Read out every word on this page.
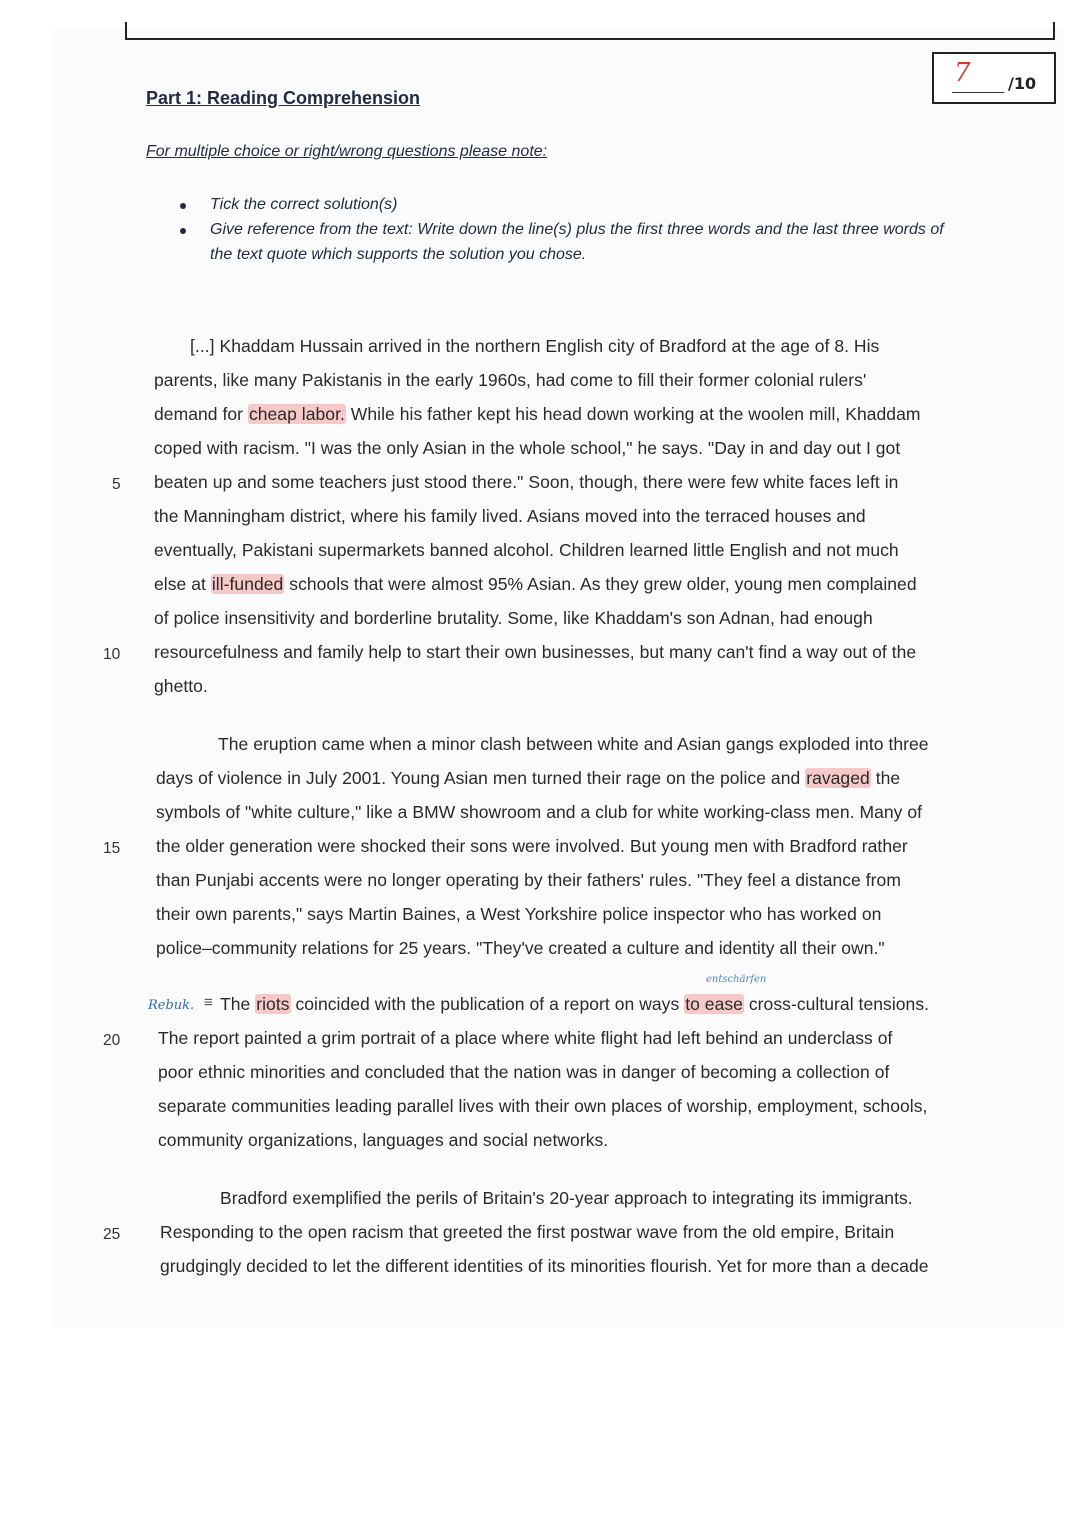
7 /10
Part 1: Reading Comprehension
For multiple choice or right/wrong questions please note:
Tick the correct solution(s)
Give reference from the text: Write down the line(s) plus the first three words and the last three words of
the text quote which supports the solution you chose.
[...] Khaddam Hussain arrived in the northern English city of Bradford at the age of 8. His
parents, like many Pakistanis in the early 1960s, had come to fill their former colonial rulers'
demand for cheap labor. While his father kept his head down working at the woolen mill, Khaddam
coped with racism. "I was the only Asian in the whole school," he says. "Day in and day out I got
beaten up and some teachers just stood there." Soon, though, there were few white faces left in
5
the Manningham district, where his family lived. Asians moved into the terraced houses and
eventually, Pakistani supermarkets banned alcohol. Children learned little English and not much
else at ill-funded schools that were almost 95% Asian. As they grew older, young men complained
of police insensitivity and borderline brutality. Some, like Khaddam's son Adnan, had enough
resourcefulness and family help to start their own businesses, but many can't find a way out of the
10
ghetto.
The eruption came when a minor clash between white and Asian gangs exploded into three
days of violence in July 2001. Young Asian men turned their rage on the police and ravaged the
symbols of "white culture," like a BMW showroom and a club for white working-class men. Many of
the older generation were shocked their sons were involved. But young men with Bradford rather
15
than Punjabi accents were no longer operating by their fathers' rules. "They feel a distance from
their own parents," says Martin Baines, a West Yorkshire police inspector who has worked on
police–community relations for 25 years. "They've created a culture and identity all their own."
entschärfen
Rebuk. ≡ The riots coincided with the publication of a report on ways to ease cross-cultural tensions.
The report painted a grim portrait of a place where white flight had left behind an underclass of
20
poor ethnic minorities and concluded that the nation was in danger of becoming a collection of
separate communities leading parallel lives with their own places of worship, employment, schools,
community organizations, languages and social networks.
Bradford exemplified the perils of Britain's 20-year approach to integrating its immigrants.
Responding to the open racism that greeted the first postwar wave from the old empire, Britain
25
grudgingly decided to let the different identities of its minorities flourish. Yet for more than a decade
